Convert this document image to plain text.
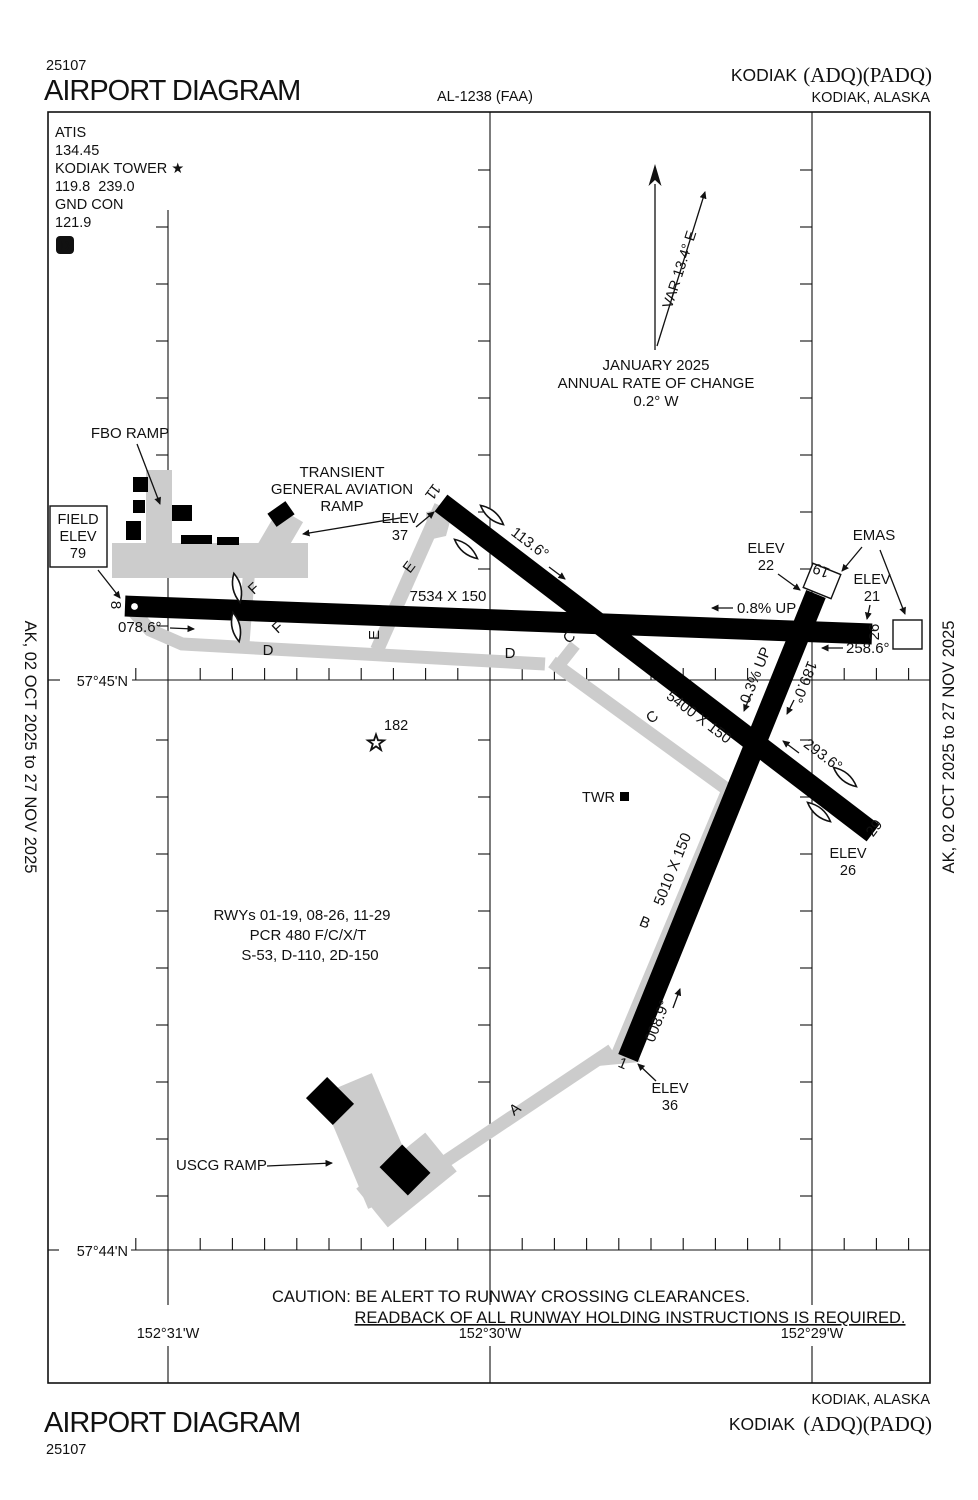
25107
AIRPORT DIAGRAM	AL-1238 (FAA)
KODIAK (ADQ)(PADQ)
KODIAK, ALASKA
VAR 13.4° E
JANUARY 2025
ANNUAL RATE OF CHANGE
0.2° W
ATIS
134.45
KODIAK TOWER ★
119.8  239.0
GND CON
121.9
D
FIELD
ELEV
79
FBO RAMP
TRANSIENT
GENERAL AVIATION
RAMP
USCG RAMP
ELEV
37
ELEV
22
ELEV
21
ELEV
26
ELEV
36
EMAS
8
078.6°
7534 X 150
0.8% UP
258.6°
26
11
113.6°
5400 X 150
293.6°
29
19
189.0°
0.3% UP
5010 X 150
008.9°
1
A
B
C
C
D	D
E
E
F
F
182
TWR
RWYs 01-19, 08-26, 11-29
PCR 480 F/C/X/T
S-53, D-110, 2D-150
57°45'N
57°44'N
152°31'W	152°30'W	152°29'W
AK, 02 OCT 2025 to 27 NOV 2025	AK, 02 OCT 2025 to 27 NOV 2025
CAUTION: BE ALERT TO RUNWAY CROSSING CLEARANCES.
READBACK OF ALL RUNWAY HOLDING INSTRUCTIONS IS REQUIRED.
KODIAK, ALASKA
AIRPORT DIAGRAM
25107
KODIAK (ADQ)(PADQ)
